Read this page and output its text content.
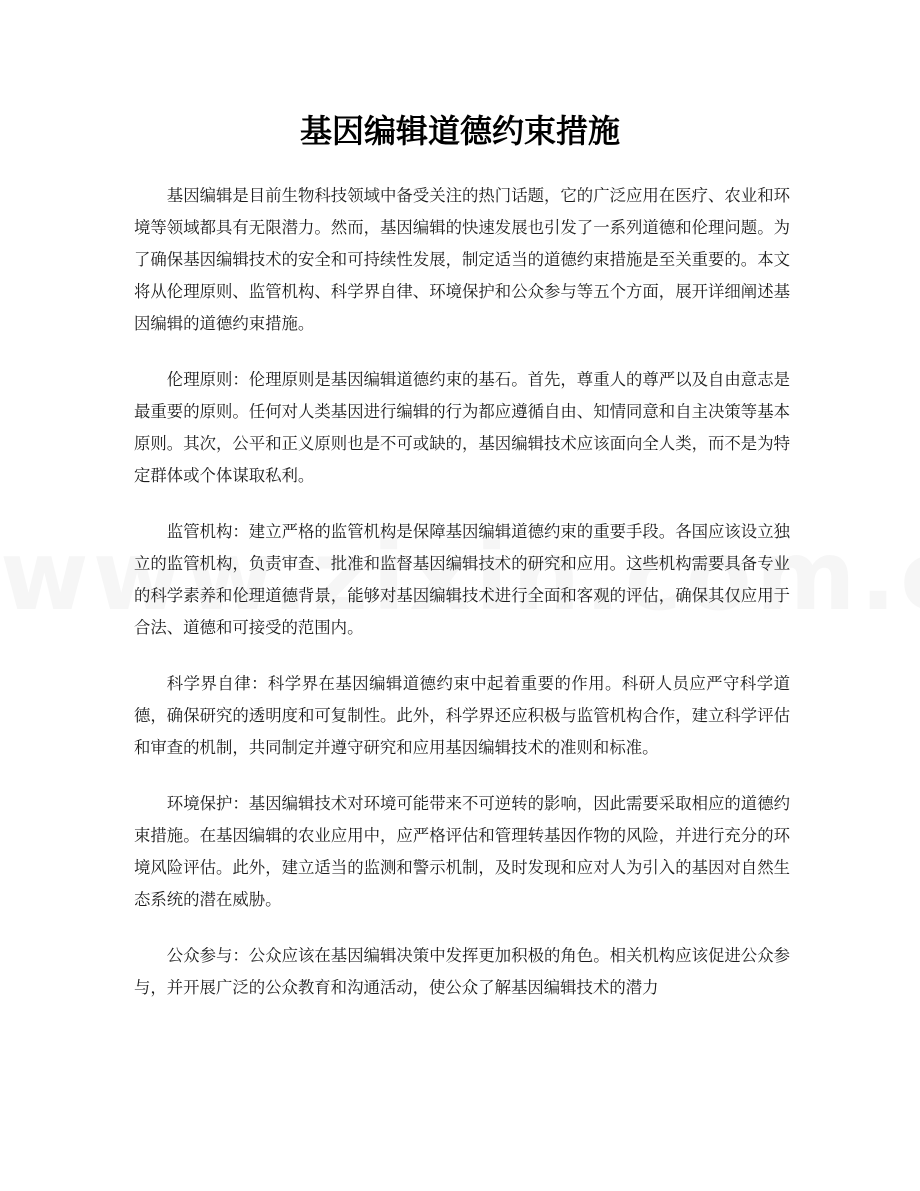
基因编辑道德约束措施

基因编辑是目前生物科技领域中备受关注的热门话题，它的广泛应用在医疗、农业和环境等领域都具有无限潜力。然而，基因编辑的快速发展也引发了一系列道德和伦理问题。为了确保基因编辑技术的安全和可持续性发展，制定适当的道德约束措施是至关重要的。本文将从伦理原则、监管机构、科学界自律、环境保护和公众参与等五个方面，展开详细阐述基因编辑的道德约束措施。

伦理原则：伦理原则是基因编辑道德约束的基石。首先，尊重人的尊严以及自由意志是最重要的原则。任何对人类基因进行编辑的行为都应遵循自由、知情同意和自主决策等基本原则。其次，公平和正义原则也是不可或缺的，基因编辑技术应该面向全人类，而不是为特定群体或个体谋取私利。

监管机构：建立严格的监管机构是保障基因编辑道德约束的重要手段。各国应该设立独立的监管机构，负责审查、批准和监督基因编辑技术的研究和应用。这些机构需要具备专业的科学素养和伦理道德背景，能够对基因编辑技术进行全面和客观的评估，确保其仅应用于合法、道德和可接受的范围内。

科学界自律：科学界在基因编辑道德约束中起着重要的作用。科研人员应严守科学道德，确保研究的透明度和可复制性。此外，科学界还应积极与监管机构合作，建立科学评估和审查的机制，共同制定并遵守研究和应用基因编辑技术的准则和标准。

环境保护：基因编辑技术对环境可能带来不可逆转的影响，因此需要采取相应的道德约束措施。在基因编辑的农业应用中，应严格评估和管理转基因作物的风险，并进行充分的环境风险评估。此外，建立适当的监测和警示机制，及时发现和应对人为引入的基因对自然生态系统的潜在威胁。

公众参与：公众应该在基因编辑决策中发挥更加积极的角色。相关机构应该促进公众参与，并开展广泛的公众教育和沟通活动，使公众了解基因编辑技术的潜力
